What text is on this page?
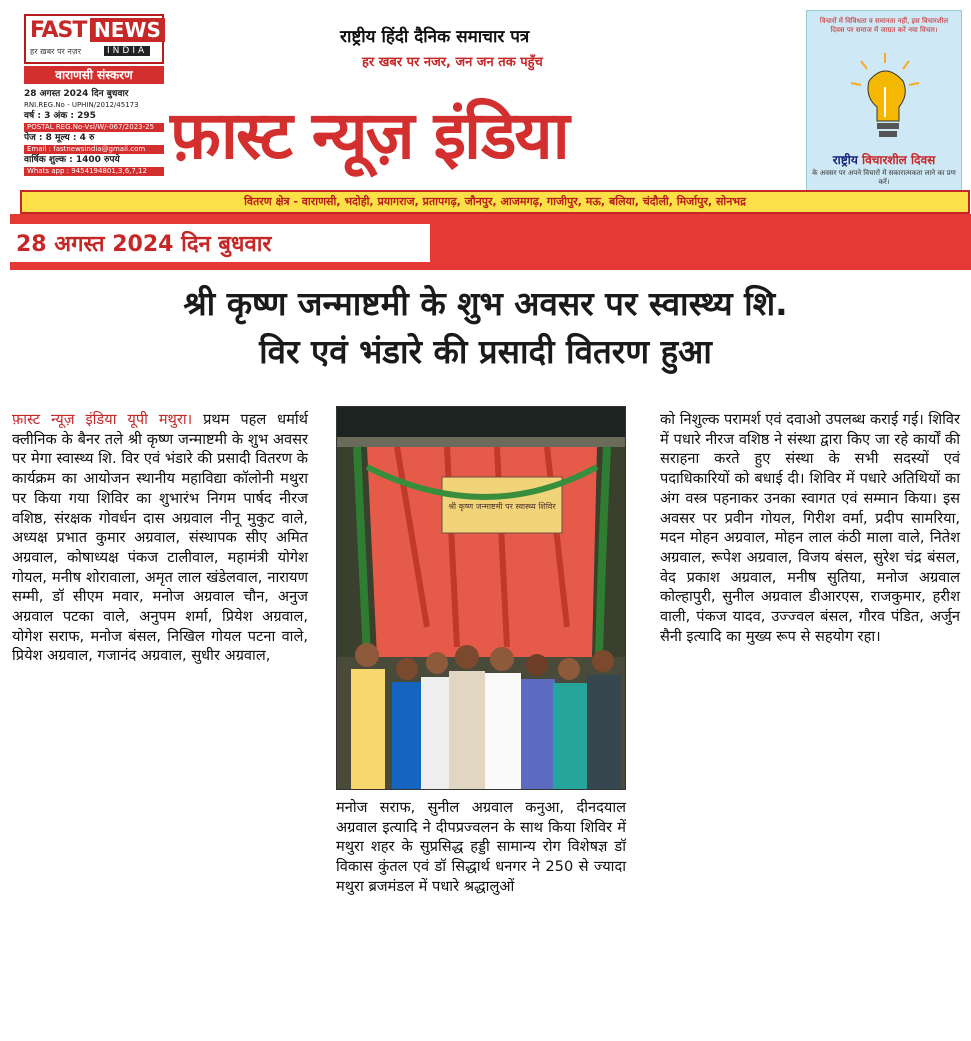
FAST NEWS
हर ख़बर पर नज़र	INDIA
वाराणसी संस्करण
28 अगस्त 2024 दिन बुधवार
RNI.REG.No - UPHIN/2012/45173
वर्ष : 3 अंक : 295
POSTAL REG.No-Vsl/W/-067/2023-25
पेज : 8 मूल्य : 4 रु
Email : fastnewsindia@gmail.com
वार्षिक शुल्क : 1400 रुपये
Whats app : 9454194801,3,6,7,12
राष्ट्रीय हिंदी दैनिक समाचार पत्र
हर खबर पर नजर, जन जन तक पहुँच
फ़ास्ट न्यूज़ इंडिया
विचारों में विविधता व समानता नहीं, इस विचारशील दिवस पर समाज में जाग्रत करें नया विचार।
राष्ट्रीय विचारशील दिवस
के अवसर पर अपने विचारों में सकारात्मकता लाने का प्रण करें।
वितरण क्षेत्र - वाराणसी, भदोही, प्रयागराज, प्रतापगढ़, जौनपुर, आजमगढ़, गाजीपुर, मऊ, बलिया, चंदौली, मिर्जापुर, सोनभद्र
28 अगस्त 2024 दिन बुधवार
श्री कृष्ण जन्माष्टमी के शुभ अवसर पर स्वास्थ्य शि.
विर एवं भंडारे की प्रसादी वितरण हुआ
फ़ास्ट न्यूज़ इंडिया यूपी मथुरा। प्रथम पहल धर्मार्थ क्लीनिक के बैनर तले श्री कृष्ण जन्माष्टमी के शुभ अवसर पर मेगा स्वास्थ्य शि. विर एवं भंडारे की प्रसादी वितरण के कार्यक्रम का आयोजन स्थानीय महाविद्या कॉलोनी मथुरा पर किया गया शिविर का शुभारंभ निगम पार्षद नीरज वशिष्ठ, संरक्षक गोवर्धन दास अग्रवाल नीनू मुकुट वाले, अध्यक्ष प्रभात कुमार अग्रवाल, संस्थापक सीए अमित अग्रवाल, कोषाध्यक्ष पंकज टालीवाल, महामंत्री योगेश गोयल, मनीष शोरावाला, अमृत लाल खंडेलवाल, नारायण सम्मी, डॉ सीएम मवार, मनोज अग्रवाल चौन, अनुज अग्रवाल पटका वाले, अनुपम शर्मा, प्रियेश अग्रवाल, योगेश सराफ, मनोज बंसल, निखिल गोयल पटना वाले, प्रियेश अग्रवाल, गजानंद अग्रवाल, सुधीर अग्रवाल,
श्री कृष्ण जन्माष्टमी पर स्वास्थ्य शिविर
मनोज सराफ, सुनील अग्रवाल कनुआ, दीनदयाल अग्रवाल इत्यादि ने दीपप्रज्वलन के साथ किया शिविर में मथुरा शहर के सुप्रसिद्ध हड्डी सामान्य रोग विशेषज्ञ डॉ विकास कुंतल एवं डॉ सिद्धार्थ धनगर ने 250 से ज्यादा मथुरा ब्रजमंडल में पधारे श्रद्धालुओं
को निशुल्क परामर्श एवं दवाओ उपलब्ध कराई गई। शिविर में पधारे नीरज वशिष्ठ ने संस्था द्वारा किए जा रहे कार्यों की सराहना करते हुए संस्था के सभी सदस्यों एवं पदाधिकारियों को बधाई दी। शिविर में पधारे अतिथियों का अंग वस्त्र पहनाकर उनका स्वागत एवं सम्मान किया। इस अवसर पर प्रवीन गोयल, गिरीश वर्मा, प्रदीप सामरिया, मदन मोहन अग्रवाल, मोहन लाल कंठी माला वाले, नितेश अग्रवाल, रूपेश अग्रवाल, विजय बंसल, सुरेश चंद्र बंसल, वेद प्रकाश अग्रवाल, मनीष सुतिया, मनोज अग्रवाल कोल्हापुरी, सुनील अग्रवाल डीआरएस, राजकुमार, हरीश वाली, पंकज यादव, उज्ज्वल बंसल, गौरव पंडित, अर्जुन सैनी इत्यादि का मुख्य रूप से सहयोग रहा।
